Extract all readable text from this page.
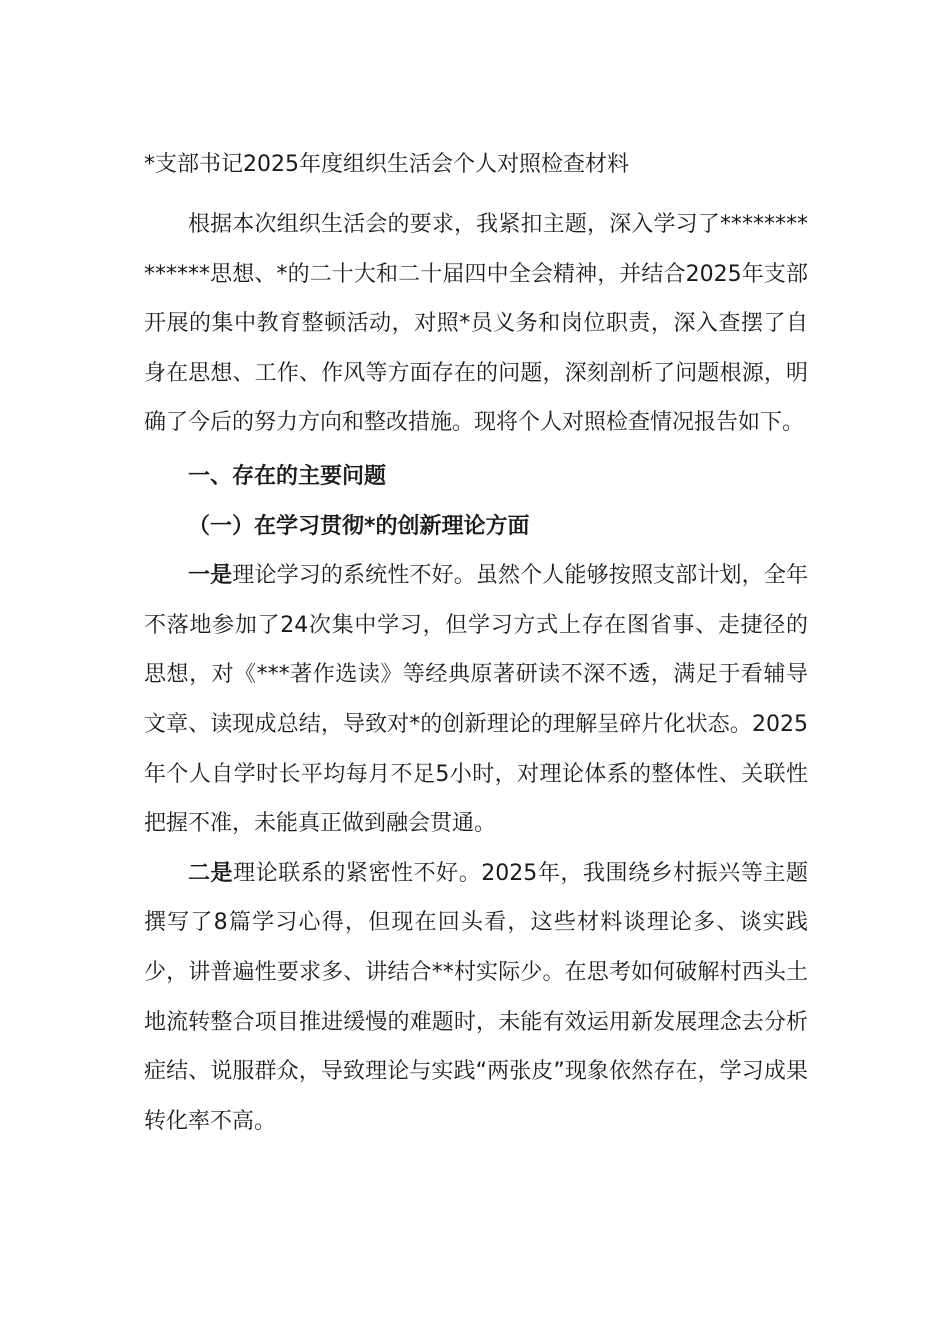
*支部书记2025年度组织生活会个人对照检查材料

根据本次组织生活会的要求，我紧扣主题，深入学习了**************思想、*的二十大和二十届四中全会精神，并结合2025年支部开展的集中教育整顿活动，对照*员义务和岗位职责，深入查摆了自身在思想、工作、作风等方面存在的问题，深刻剖析了问题根源，明确了今后的努力方向和整改措施。现将个人对照检查情况报告如下。

一、存在的主要问题

（一）在学习贯彻*的创新理论方面

一是理论学习的系统性不好。虽然个人能够按照支部计划，全年不落地参加了24次集中学习，但学习方式上存在图省事、走捷径的思想，对《***著作选读》等经典原著研读不深不透，满足于看辅导文章、读现成总结，导致对*的创新理论的理解呈碎片化状态。2025年个人自学时长平均每月不足5小时，对理论体系的整体性、关联性把握不准，未能真正做到融会贯通。

二是理论联系的紧密性不好。2025年，我围绕乡村振兴等主题撰写了8篇学习心得，但现在回头看，这些材料谈理论多、谈实践少，讲普遍性要求多、讲结合**村实际少。在思考如何破解村西头土地流转整合项目推进缓慢的难题时，未能有效运用新发展理念去分析症结、说服群众，导致理论与实践“两张皮”现象依然存在，学习成果转化率不高。
